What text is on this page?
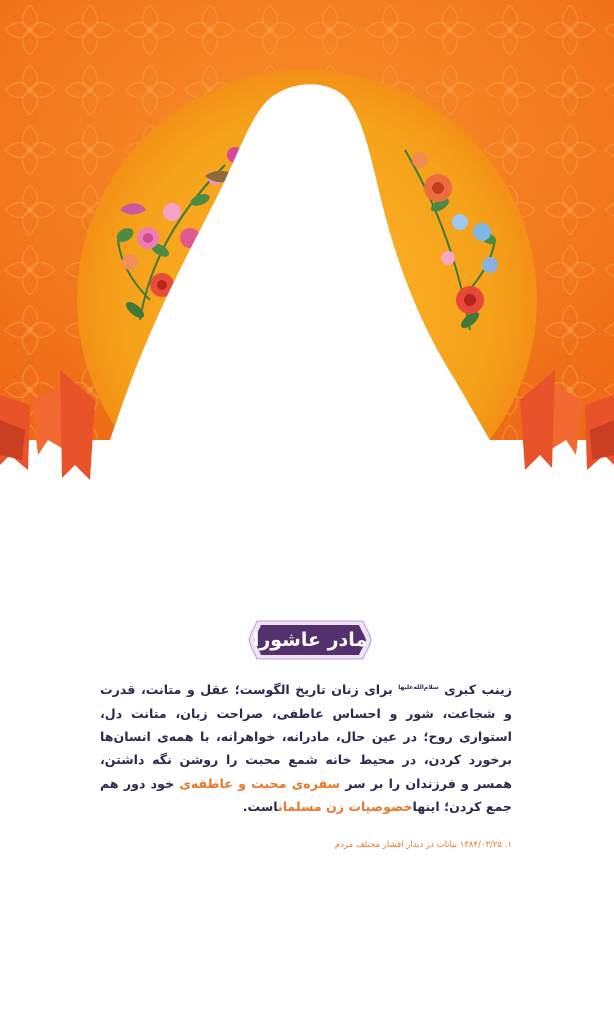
مادر عاشورا
زینب کبری $^{سلام‌الله‌علیها}$ برای زنان تاریخ الگوست؛ عقل و متانت، قدرت و شجاعت، شور و احساس عاطفی، صراحت زبان، متانت دل، استواری روح؛ در عین حال، مادرانه، خواهرانه، با همه‌ی انسان‌ها برخورد کردن، در محیط خانه شمع محبت را روشن نگه داشتن، همسر و فرزندان را بر سر سفره‌ی محبت و عاطفه‌ی خود دور هم جمع کردن؛ اینهاخصوصیات زن مسلماناست.
۱. ۱۳۸۴/۰۳/۲۵ بیانات در دیدار اقشار مختلف مردم
